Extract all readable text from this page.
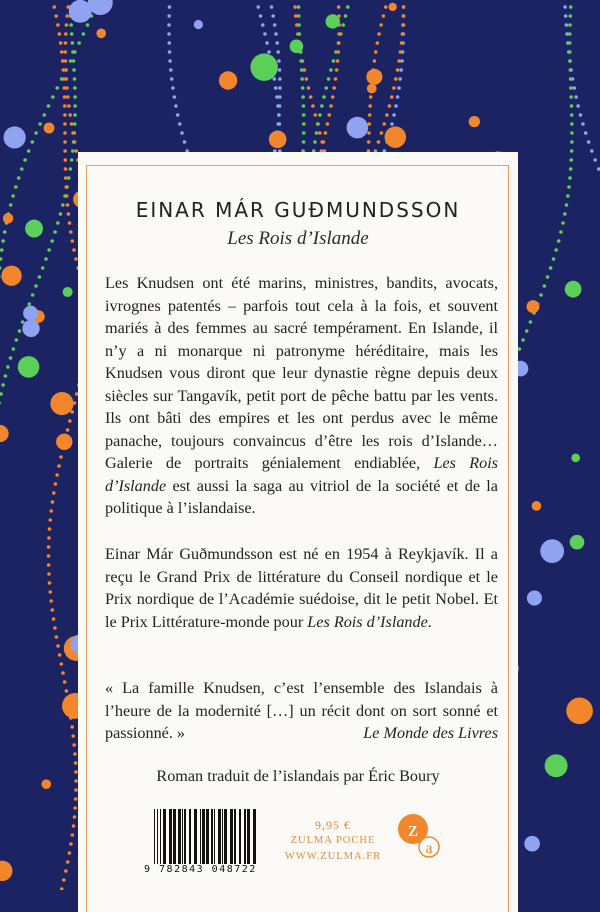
EINAR MÁR GUÐMUNDSSON
Les Rois d’Islande
Les Knudsen ont été marins, ministres, bandits, avocats, ivrognes patentés – parfois tout cela à la fois, et souvent mariés à des femmes au sacré tempérament. En Islande, il n’y a ni monarque ni patronyme héréditaire, mais les Knudsen vous diront que leur dynastie règne depuis deux siècles sur Tangavík, petit port de pêche battu par les vents. Ils ont bâti des empires et les ont perdus avec le même panache, toujours convaincus d’être les rois d’Islande… Galerie de portraits génialement endiablée, Les Rois d’Islande est aussi la saga au vitriol de la société et de la politique à l’islandaise.
Einar Már Guðmundsson est né en 1954 à Reykjavík. Il a reçu le Grand Prix de littérature du Conseil nordique et le Prix nordique de l’Académie suédoise, dit le petit Nobel. Et le Prix Littérature-monde pour Les Rois d’Islande.
« La famille Knudsen, c’est l’ensemble des Islandais à l’heure de la modernité […] un récit dont on sort sonné et passionné. »	Le Monde des Livres
Roman traduit de l’islandais par Éric Boury
9 782843 048722
9,95 €
ZULMA POCHE
WWW.ZULMA.FR
z
a
